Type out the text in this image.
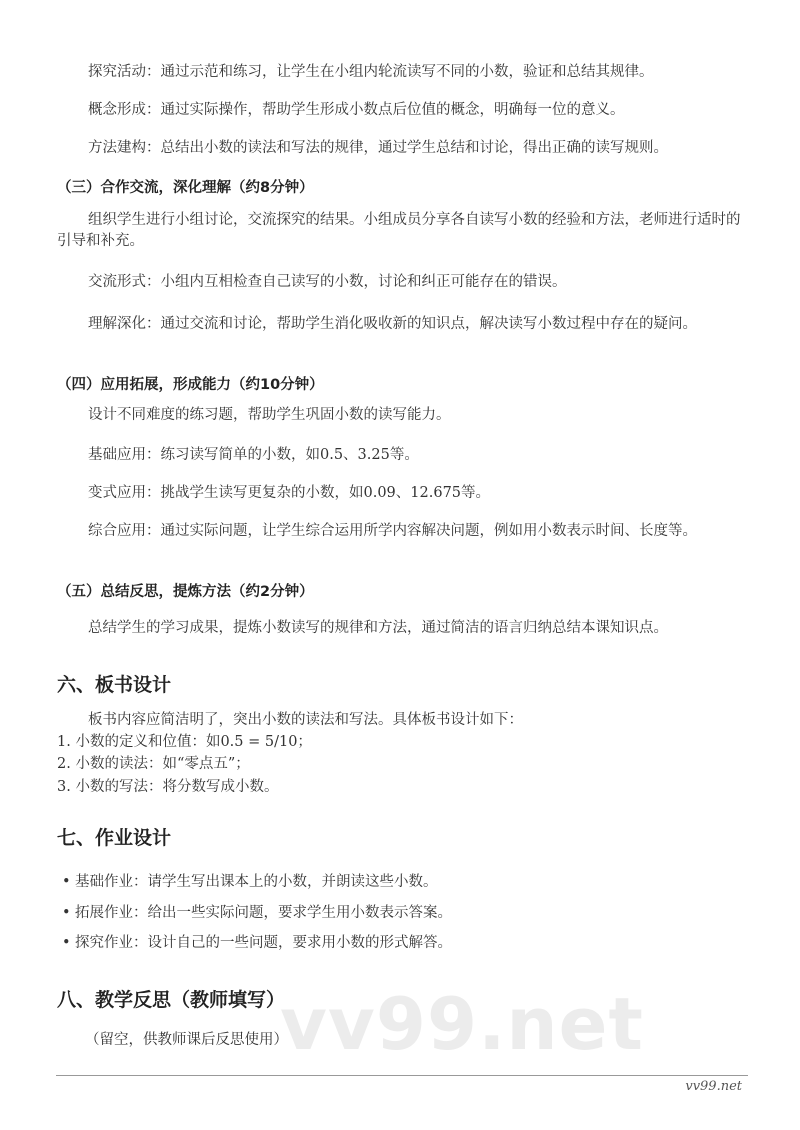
探究活动：通过示范和练习，让学生在小组内轮流读写不同的小数，验证和总结其规律。
概念形成：通过实际操作，帮助学生形成小数点后位值的概念，明确每一位的意义。
方法建构：总结出小数的读法和写法的规律，通过学生总结和讨论，得出正确的读写规则。
（三）合作交流，深化理解（约8分钟）
组织学生进行小组讨论，交流探究的结果。小组成员分享各自读写小数的经验和方法，老师进行适时的引导和补充。
交流形式：小组内互相检查自己读写的小数，讨论和纠正可能存在的错误。
理解深化：通过交流和讨论，帮助学生消化吸收新的知识点，解决读写小数过程中存在的疑问。
（四）应用拓展，形成能力（约10分钟）
设计不同难度的练习题，帮助学生巩固小数的读写能力。
基础应用：练习读写简单的小数，如0.5、3.25等。
变式应用：挑战学生读写更复杂的小数，如0.09、12.675等。
综合应用：通过实际问题，让学生综合运用所学内容解决问题，例如用小数表示时间、长度等。
（五）总结反思，提炼方法（约2分钟）
总结学生的学习成果，提炼小数读写的规律和方法，通过简洁的语言归纳总结本课知识点。
六、板书设计
板书内容应简洁明了，突出小数的读法和写法。具体板书设计如下：
1. 小数的定义和位值：如0.5 = 5/10；
2. 小数的读法：如“零点五”；
3. 小数的写法：将分数写成小数。
七、作业设计
• 基础作业：请学生写出课本上的小数，并朗读这些小数。
• 拓展作业：给出一些实际问题，要求学生用小数表示答案。
• 探究作业：设计自己的一些问题，要求用小数的形式解答。
vv99.net
八、教学反思（教师填写）
（留空，供教师课后反思使用）
vv99.net
